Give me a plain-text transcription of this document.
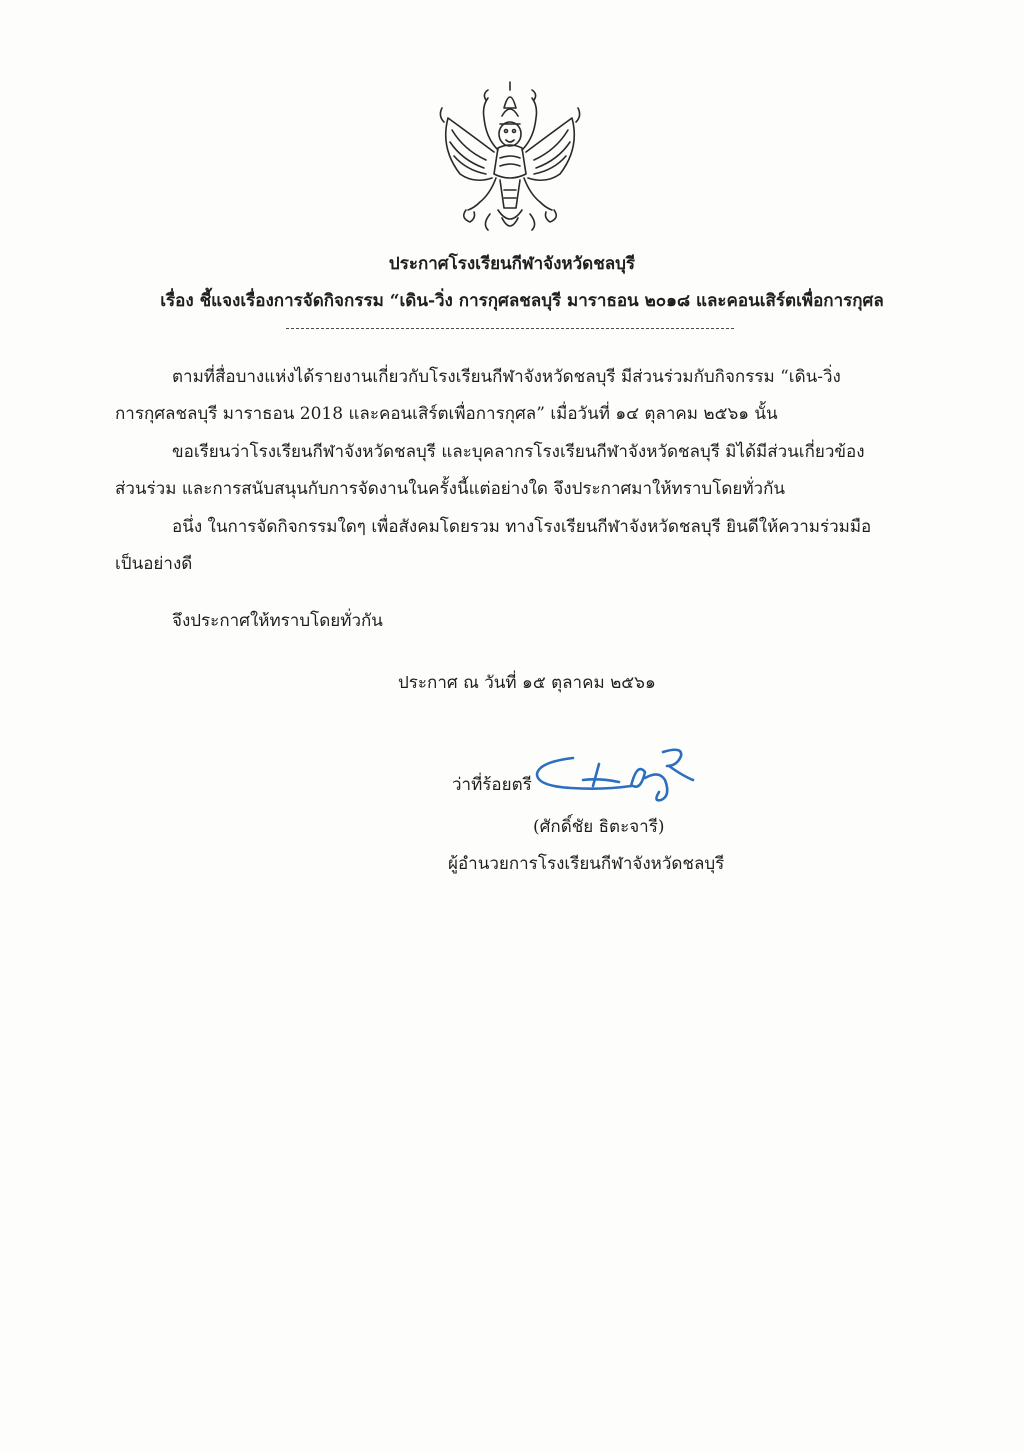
ประกาศโรงเรียนกีฬาจังหวัดชลบุรี
เรื่อง ชี้แจงเรื่องการจัดกิจกรรม “เดิน-วิ่ง การกุศลชลบุรี มาราธอน ๒๐๑๘ และคอนเสิร์ตเพื่อการกุศล
ตามที่สื่อบางแห่งได้รายงานเกี่ยวกับโรงเรียนกีฬาจังหวัดชลบุรี มีส่วนร่วมกับกิจกรรม “เดิน-วิ่ง
การกุศลชลบุรี มาราธอน 2018 และคอนเสิร์ตเพื่อการกุศล” เมื่อวันที่ ๑๔ ตุลาคม ๒๕๖๑ นั้น
ขอเรียนว่าโรงเรียนกีฬาจังหวัดชลบุรี และบุคลากรโรงเรียนกีฬาจังหวัดชลบุรี มิได้มีส่วนเกี่ยวข้อง
ส่วนร่วม และการสนับสนุนกับการจัดงานในครั้งนี้แต่อย่างใด จึงประกาศมาให้ทราบโดยทั่วกัน
อนึ่ง ในการจัดกิจกรรมใดๆ เพื่อสังคมโดยรวม ทางโรงเรียนกีฬาจังหวัดชลบุรี ยินดีให้ความร่วมมือ
เป็นอย่างดี
จึงประกาศให้ทราบโดยทั่วกัน
ประกาศ ณ วันที่ ๑๕ ตุลาคม ๒๕๖๑
ว่าที่ร้อยตรี
(ศักดิ์ชัย ธิตะจารี)
ผู้อำนวยการโรงเรียนกีฬาจังหวัดชลบุรี
